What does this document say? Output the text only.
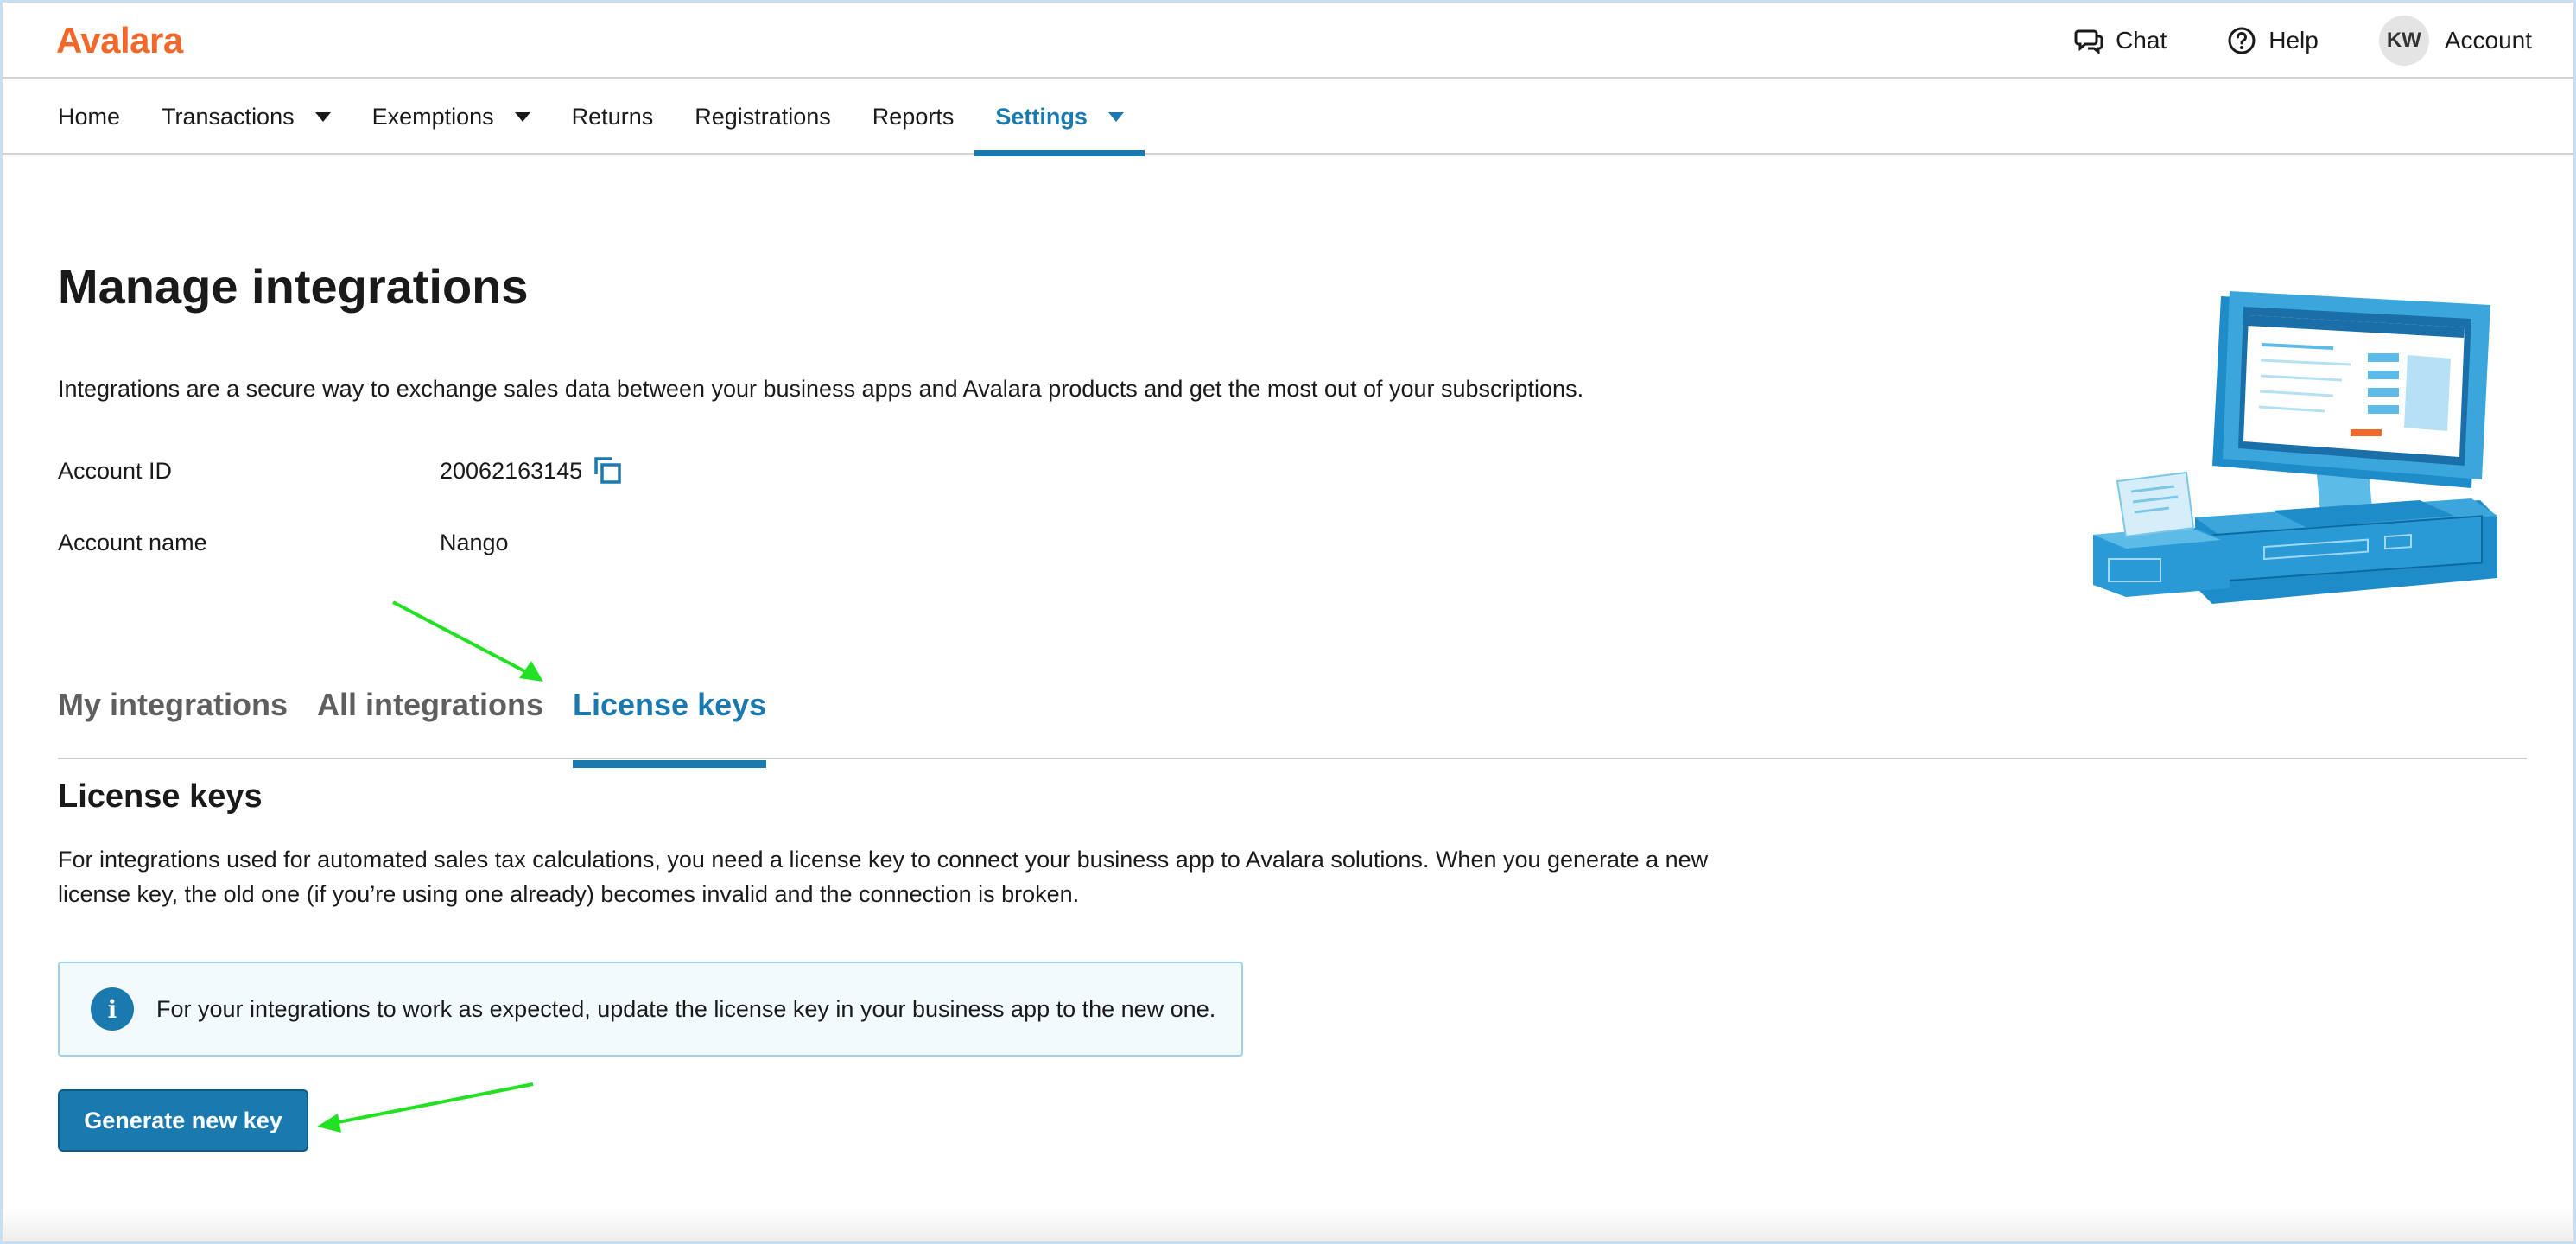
Avalara	Chat	Help	KW Account
Home Transactions	Exemptions	Returns Registrations Reports Settings
Manage integrations

Integrations are a secure way to exchange sales data between your business apps and Avalara products and get the most out of your subscriptions.

Account ID	20062163145
Account name	Nango
My integrations All integrations License keys
License keys

For integrations used for automated sales tax calculations, you need a license key to connect your business app to Avalara solutions. When you generate a new license key, the old one (if you’re using one already) becomes invalid and the connection is broken.

i	For your integrations to work as expected, update the license key in your business app to the new one.
Generate new key
